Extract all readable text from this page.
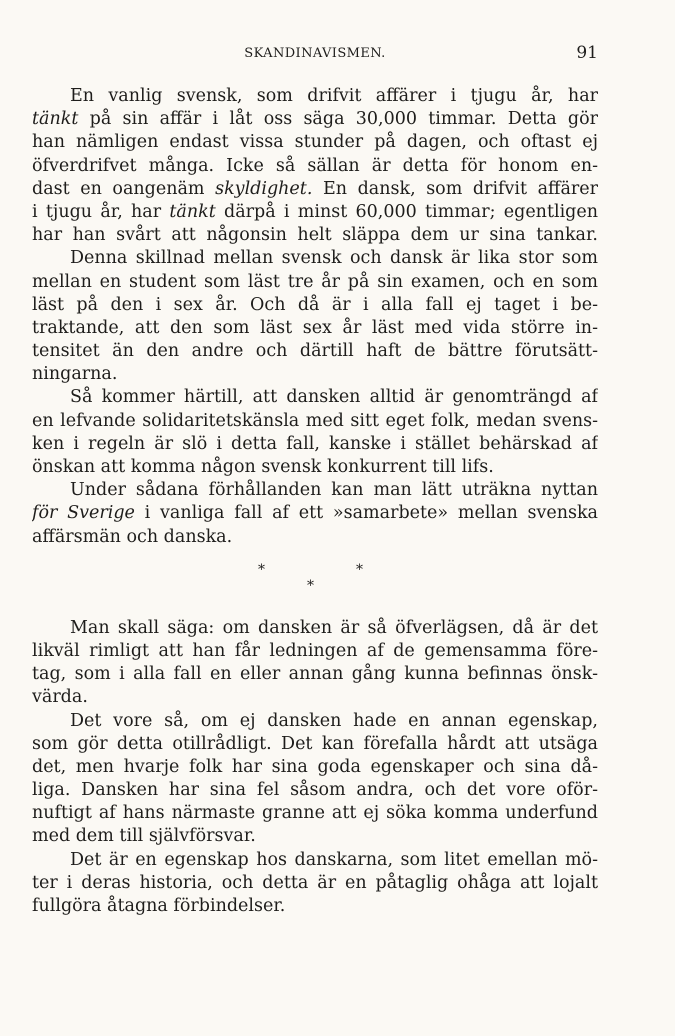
SKANDINAVISMEN.	91
En vanlig svensk, som drifvit affärer i tjugu år, har
tänkt på sin affär i låt oss säga 30,000 timmar. Detta gör
han nämligen endast vissa stunder på dagen, och oftast ej
öfverdrifvet många. Icke så sällan är detta för honom en-
dast en oangenäm skyldighet. En dansk, som drifvit affärer
i tjugu år, har tänkt därpå i minst 60,000 timmar; egentligen
har han svårt att någonsin helt släppa dem ur sina tankar.
Denna skillnad mellan svensk och dansk är lika stor som
mellan en student som läst tre år på sin examen, och en som
läst på den i sex år. Och då är i alla fall ej taget i be-
traktande, att den som läst sex år läst med vida större in-
tensitet än den andre och därtill haft de bättre förutsätt-
ningarna.
Så kommer härtill, att dansken alltid är genomträngd af
en lefvande solidaritetskänsla med sitt eget folk, medan svens-
ken i regeln är slö i detta fall, kanske i stället behärskad af
önskan att komma någon svensk konkurrent till lifs.
Under sådana förhållanden kan man lätt uträkna nyttan
för Sverige i vanliga fall af ett »samarbete» mellan svenska
affärsmän och danska.
*	*
*
Man skall säga: om dansken är så öfverlägsen, då är det
likväl rimligt att han får ledningen af de gemensamma före-
tag, som i alla fall en eller annan gång kunna befinnas önsk-
värda.
Det vore så, om ej dansken hade en annan egenskap,
som gör detta otillrådligt. Det kan förefalla hårdt att utsäga
det, men hvarje folk har sina goda egenskaper och sina då-
liga. Dansken har sina fel såsom andra, och det vore oför-
nuftigt af hans närmaste granne att ej söka komma underfund
med dem till självförsvar.
Det är en egenskap hos danskarna, som litet emellan mö-
ter i deras historia, och detta är en påtaglig ohåga att lojalt
fullgöra åtagna förbindelser.
